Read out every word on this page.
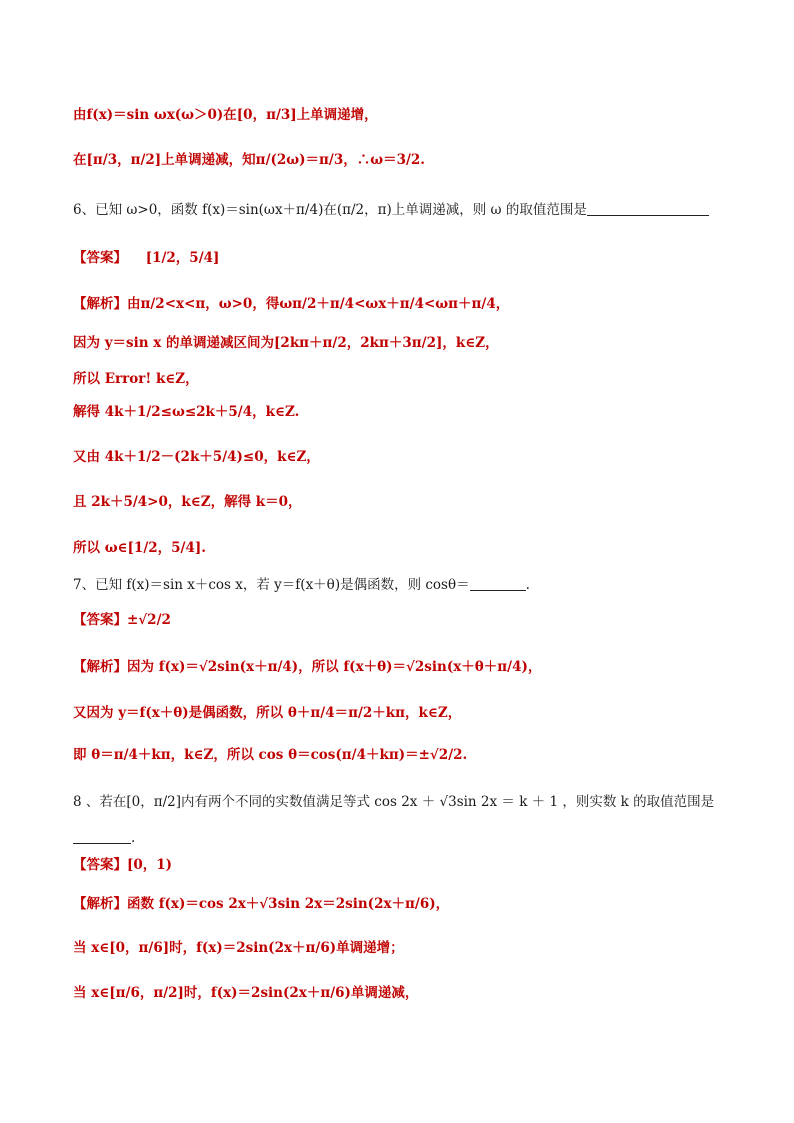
由f(x)＝sin ωx(ω＞0)在[0，π/3]上单调递增，
在[π/3，π/2]上单调递减，知π/(2ω)＝π/3，∴ω＝3/2.
6、已知 ω>0，函数 f(x)＝sin(ωx＋π/4)在(π/2，π)上单调递减，则 ω 的取值范围是
【答案】 [1/2，5/4]
【解析】由π/2<x<π，ω>0，得ωπ/2＋π/4<ωx＋π/4<ωπ＋π/4，
因为 y＝sin x 的单调递减区间为[2kπ＋π/2，2kπ＋3π/2]，k∈Z，
所以 Error! k∈Z，
解得 4k＋1/2≤ω≤2k＋5/4，k∈Z.
又由 4k＋1/2－(2k＋5/4)≤0，k∈Z，
且 2k＋5/4>0，k∈Z，解得 k＝0，
所以 ω∈[1/2，5/4].
7、已知 f(x)＝sin x＋cos x，若 y＝f(x＋θ)是偶函数，则 cosθ＝	.
【答案】±√2/2
【解析】因为 f(x)＝√2sin(x＋π/4)，所以 f(x＋θ)＝√2sin(x＋θ＋π/4)，
又因为 y＝f(x＋θ)是偶函数，所以 θ＋π/4＝π/2＋kπ，k∈Z，
即 θ＝π/4＋kπ，k∈Z，所以 cos θ＝cos(π/4＋kπ)＝±√2/2.
8 、若在[0，π/2]内有两个不同的实数值满足等式 cos 2x ＋ √3sin 2x ＝ k ＋ 1 ，则实数 k 的取值范围是
.
【答案】[0，1)
【解析】函数 f(x)＝cos 2x＋√3sin 2x＝2sin(2x＋π/6)，
当 x∈[0，π/6]时，f(x)＝2sin(2x＋π/6)单调递增；
当 x∈[π/6，π/2]时，f(x)＝2sin(2x＋π/6)单调递减，
